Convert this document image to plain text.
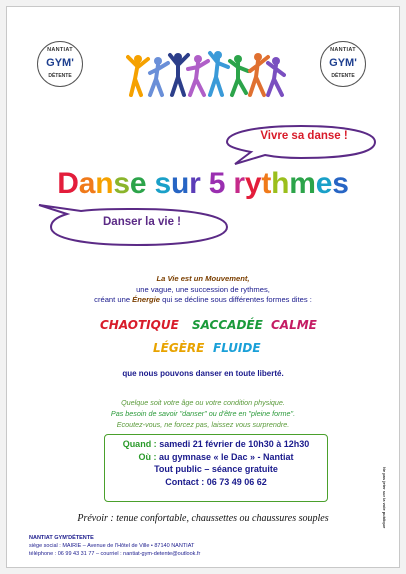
NANTIAT
GYM'
DÉTENTE
NANTIAT
GYM'
DÉTENTE
Vivre sa danse !
Danse sur 5 rythmes
Danser la vie !
La Vie est un Mouvement,
une vague, une succession de rythmes,
créant une Énergie qui se décline sous différentes formes dites :
CHAOTIQUE SACCADÉE CALME
LÉGÈRE FLUIDE
que nous pouvons danser en toute liberté.
Quelque soit votre âge ou votre condition physique.
Pas besoin de savoir "danser" ou d'être en "pleine forme".
Ecoutez-vous, ne forcez pas, laissez vous surprendre.
Quand : samedi 21 février de 10h30 à 12h30
Où : au gymnase « le Dac » - Nantiat
Tout public – séance gratuite
Contact : 06 73 49 06 62
Prévoir : tenue confortable, chaussettes ou chaussures souples
NANTIAT GYM'DÉTENTE
siège social : MAIRIE – Avenue de l'Hôtel de Ville • 87140 NANTIAT
téléphone : 06 99 43 31 77 – courriel : nantiat-gym-detente@outlook.fr
Ne pas jeter sur la voie publique
